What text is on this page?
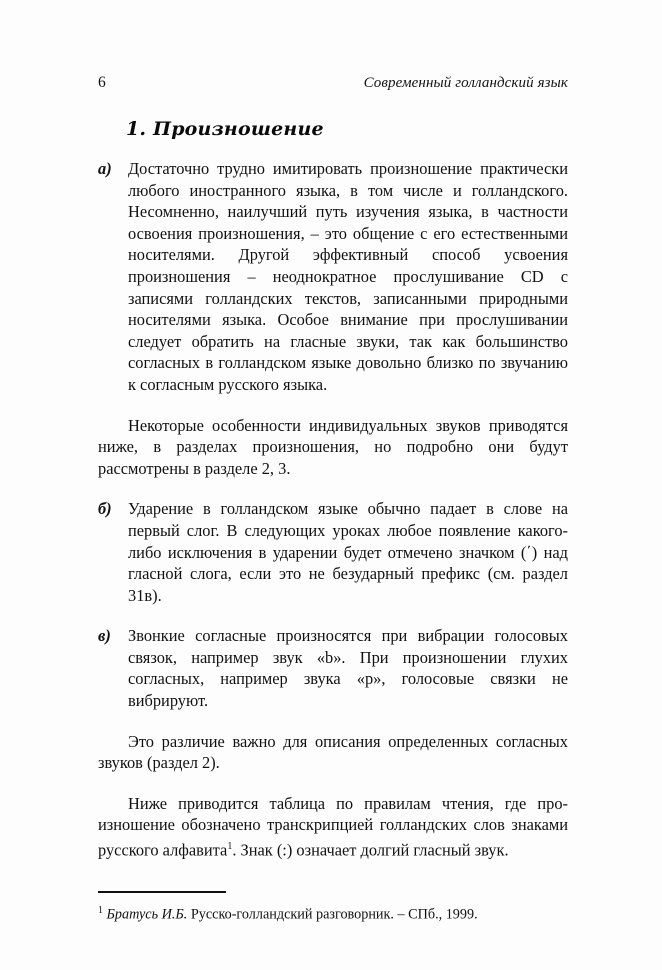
6	Современный голландский язык
1. Произношение

а) Достаточно трудно имитировать произношение практически любого иностранного языка, в том числе и голландского. Несомненно, наилучший путь изучения языка, в частности освоения произношения, – это общение с его естественными носителями. Другой эффективный способ усвоения произношения – неоднократное прослушивание CD с записями голландских текстов, записанными природными носителями языка. Особое внимание при прослушивании следует обратить на гласные звуки, так как большинство согласных в голландском языке довольно близко по звучанию к согласным русского языка.

Некоторые особенности индивидуальных звуков приводятся ниже, в разделах произношения, но подробно они будут рассмотрены в разделе 2, 3.

б) Ударение в голландском языке обычно падает в слове на первый слог. В следующих уроках любое появление какого-либо исключения в ударении будет отмечено значком (΄) над гласной слога, если это не безударный префикс (см. раздел 31в).

в) Звонкие согласные произносятся при вибрации голосовых связок, например звук «b». При произношении глухих согласных, например звука «p», голосовые связки не вибрируют.

Это различие важно для описания определенных согласных звуков (раздел 2).

Ниже приводится таблица по правилам чтения, где произношение обозначено транскрипцией голландских слов знаками русского алфавита$^1$. Знак (:) означает долгий гласный звук.

$^1$ Братусь И.Б. Русско-голландский разговорник. – СПб., 1999.
